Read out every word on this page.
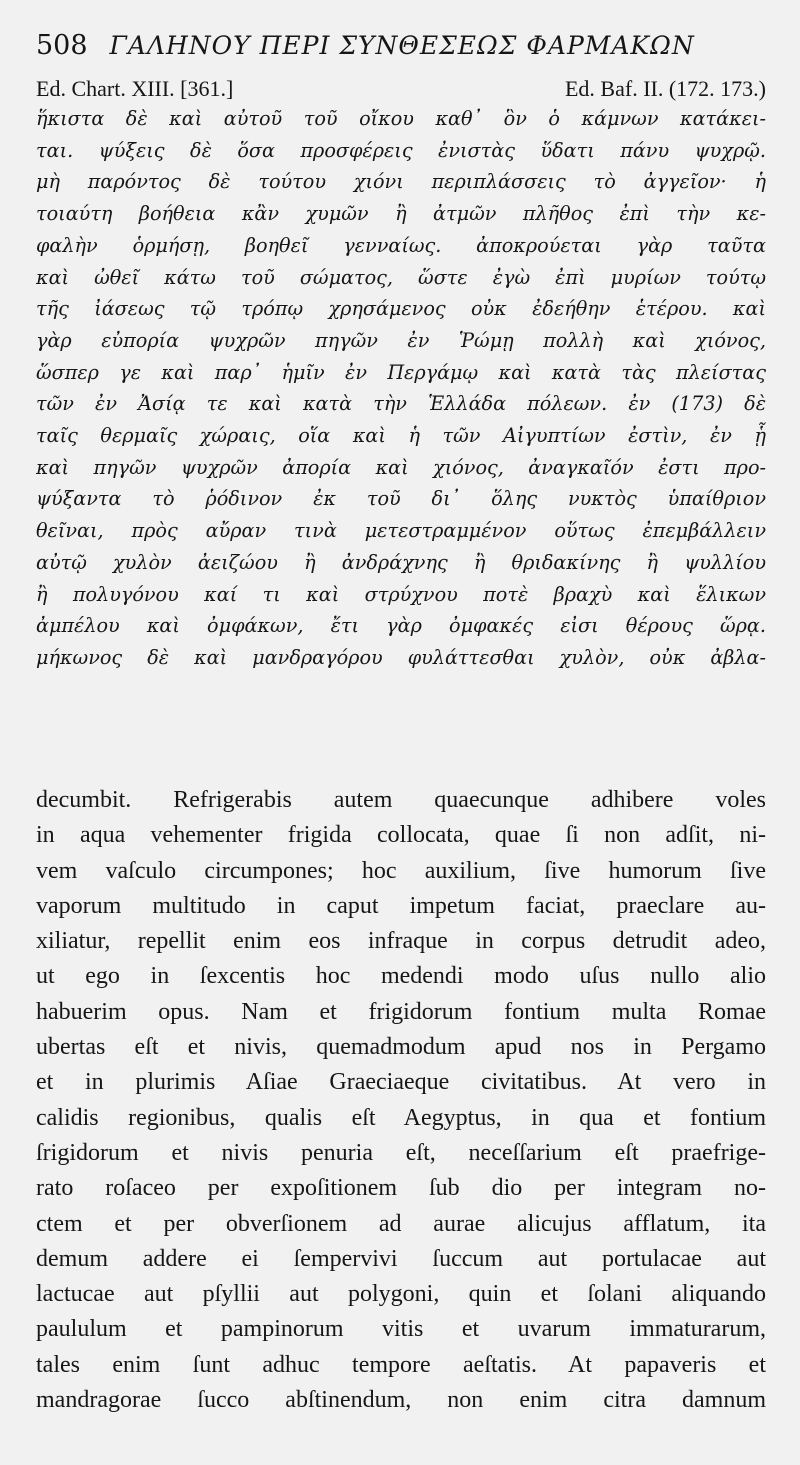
508 ΓΑΛΗΝΟΥ ΠΕΡΙ ΣΥΝΘΕΣΕΩΣ ΦΑΡΜΑΚΩΝ
Ed. Chart. XIII. [361.]	Ed. Baf. II. (172. 173.)
ἥκιστα δὲ καὶ αὐτοῦ τοῦ οἴκου καθ᾽ ὃν ὁ κάμνων κατάκει-
ται. ψύξεις δὲ ὅσα προσφέρεις ἐνιστὰς ὕδατι πάνυ ψυχρῷ.
μὴ παρόντος δὲ τούτου χιόνι περιπλάσσεις τὸ ἀγγεῖον· ἡ
τοιαύτη βοήθεια κἂν χυμῶν ἢ ἀτμῶν πλῆθος ἐπὶ τὴν κε-
φαλὴν ὁρμήσῃ, βοηθεῖ γενναίως. ἀποκρούεται γὰρ ταῦτα
καὶ ὠθεῖ κάτω τοῦ σώματος, ὥστε ἐγὼ ἐπὶ μυρίων τούτῳ
τῆς ἰάσεως τῷ τρόπῳ χρησάμενος οὐκ ἐδεήθην ἑτέρου. καὶ
γὰρ εὐπορία ψυχρῶν πηγῶν ἐν Ῥώμῃ πολλὴ καὶ χιόνος,
ὥσπερ γε καὶ παρ᾽ ἡμῖν ἐν Περγάμῳ καὶ κατὰ τὰς πλείστας
τῶν ἐν Ἀσίᾳ τε καὶ κατὰ τὴν Ἑλλάδα πόλεων. ἐν (173) δὲ
ταῖς θερμαῖς χώραις, οἵα καὶ ἡ τῶν Αἰγυπτίων ἐστὶν, ἐν ᾗ
καὶ πηγῶν ψυχρῶν ἀπορία καὶ χιόνος, ἀναγκαῖόν ἐστι προ-
ψύξαντα τὸ ῥόδινον ἐκ τοῦ δι᾽ ὅλης νυκτὸς ὑπαίθριον
θεῖναι, πρὸς αὔραν τινὰ μετεστραμμένον οὕτως ἐπεμβάλλειν
αὐτῷ χυλὸν ἀειζώου ἢ ἀνδράχνης ἢ θριδακίνης ἢ ψυλλίου
ἢ πολυγόνου καί τι καὶ στρύχνου ποτὲ βραχὺ καὶ ἕλικων
ἀμπέλου καὶ ὀμφάκων, ἔτι γὰρ ὀμφακές εἰσι θέρους ὥρᾳ.
μήκωνος δὲ καὶ μανδραγόρου φυλάττεσθαι χυλὸν, οὐκ ἀβλα-
decumbit. Refrigerabis autem quaecunque adhibere voles
in aqua vehementer frigida collocata, quae ſi non adſit, ni-
vem vaſculo circumpones; hoc auxilium, ſive humorum ſive
vaporum multitudo in caput impetum faciat, praeclare au-
xiliatur, repellit enim eos infraque in corpus detrudit adeo,
ut ego in ſexcentis hoc medendi modo uſus nullo alio
habuerim opus. Nam et frigidorum fontium multa Romae
ubertas eſt et nivis, quemadmodum apud nos in Pergamo
et in plurimis Aſiae Graeciaeque civitatibus. At vero in
calidis regionibus, qualis eſt Aegyptus, in qua et fontium
ſrigidorum et nivis penuria eſt, neceſſarium eſt praefrige-
rato roſaceo per expoſitionem ſub dio per integram no-
ctem et per obverſionem ad aurae alicujus afflatum, ita
demum addere ei ſempervivi ſuccum aut portulacae aut
lactucae aut pſyllii aut polygoni, quin et ſolani aliquando
paululum et pampinorum vitis et uvarum immaturarum,
tales enim ſunt adhuc tempore aeſtatis. At papaveris et
mandragorae ſucco abſtinendum, non enim citra damnum
